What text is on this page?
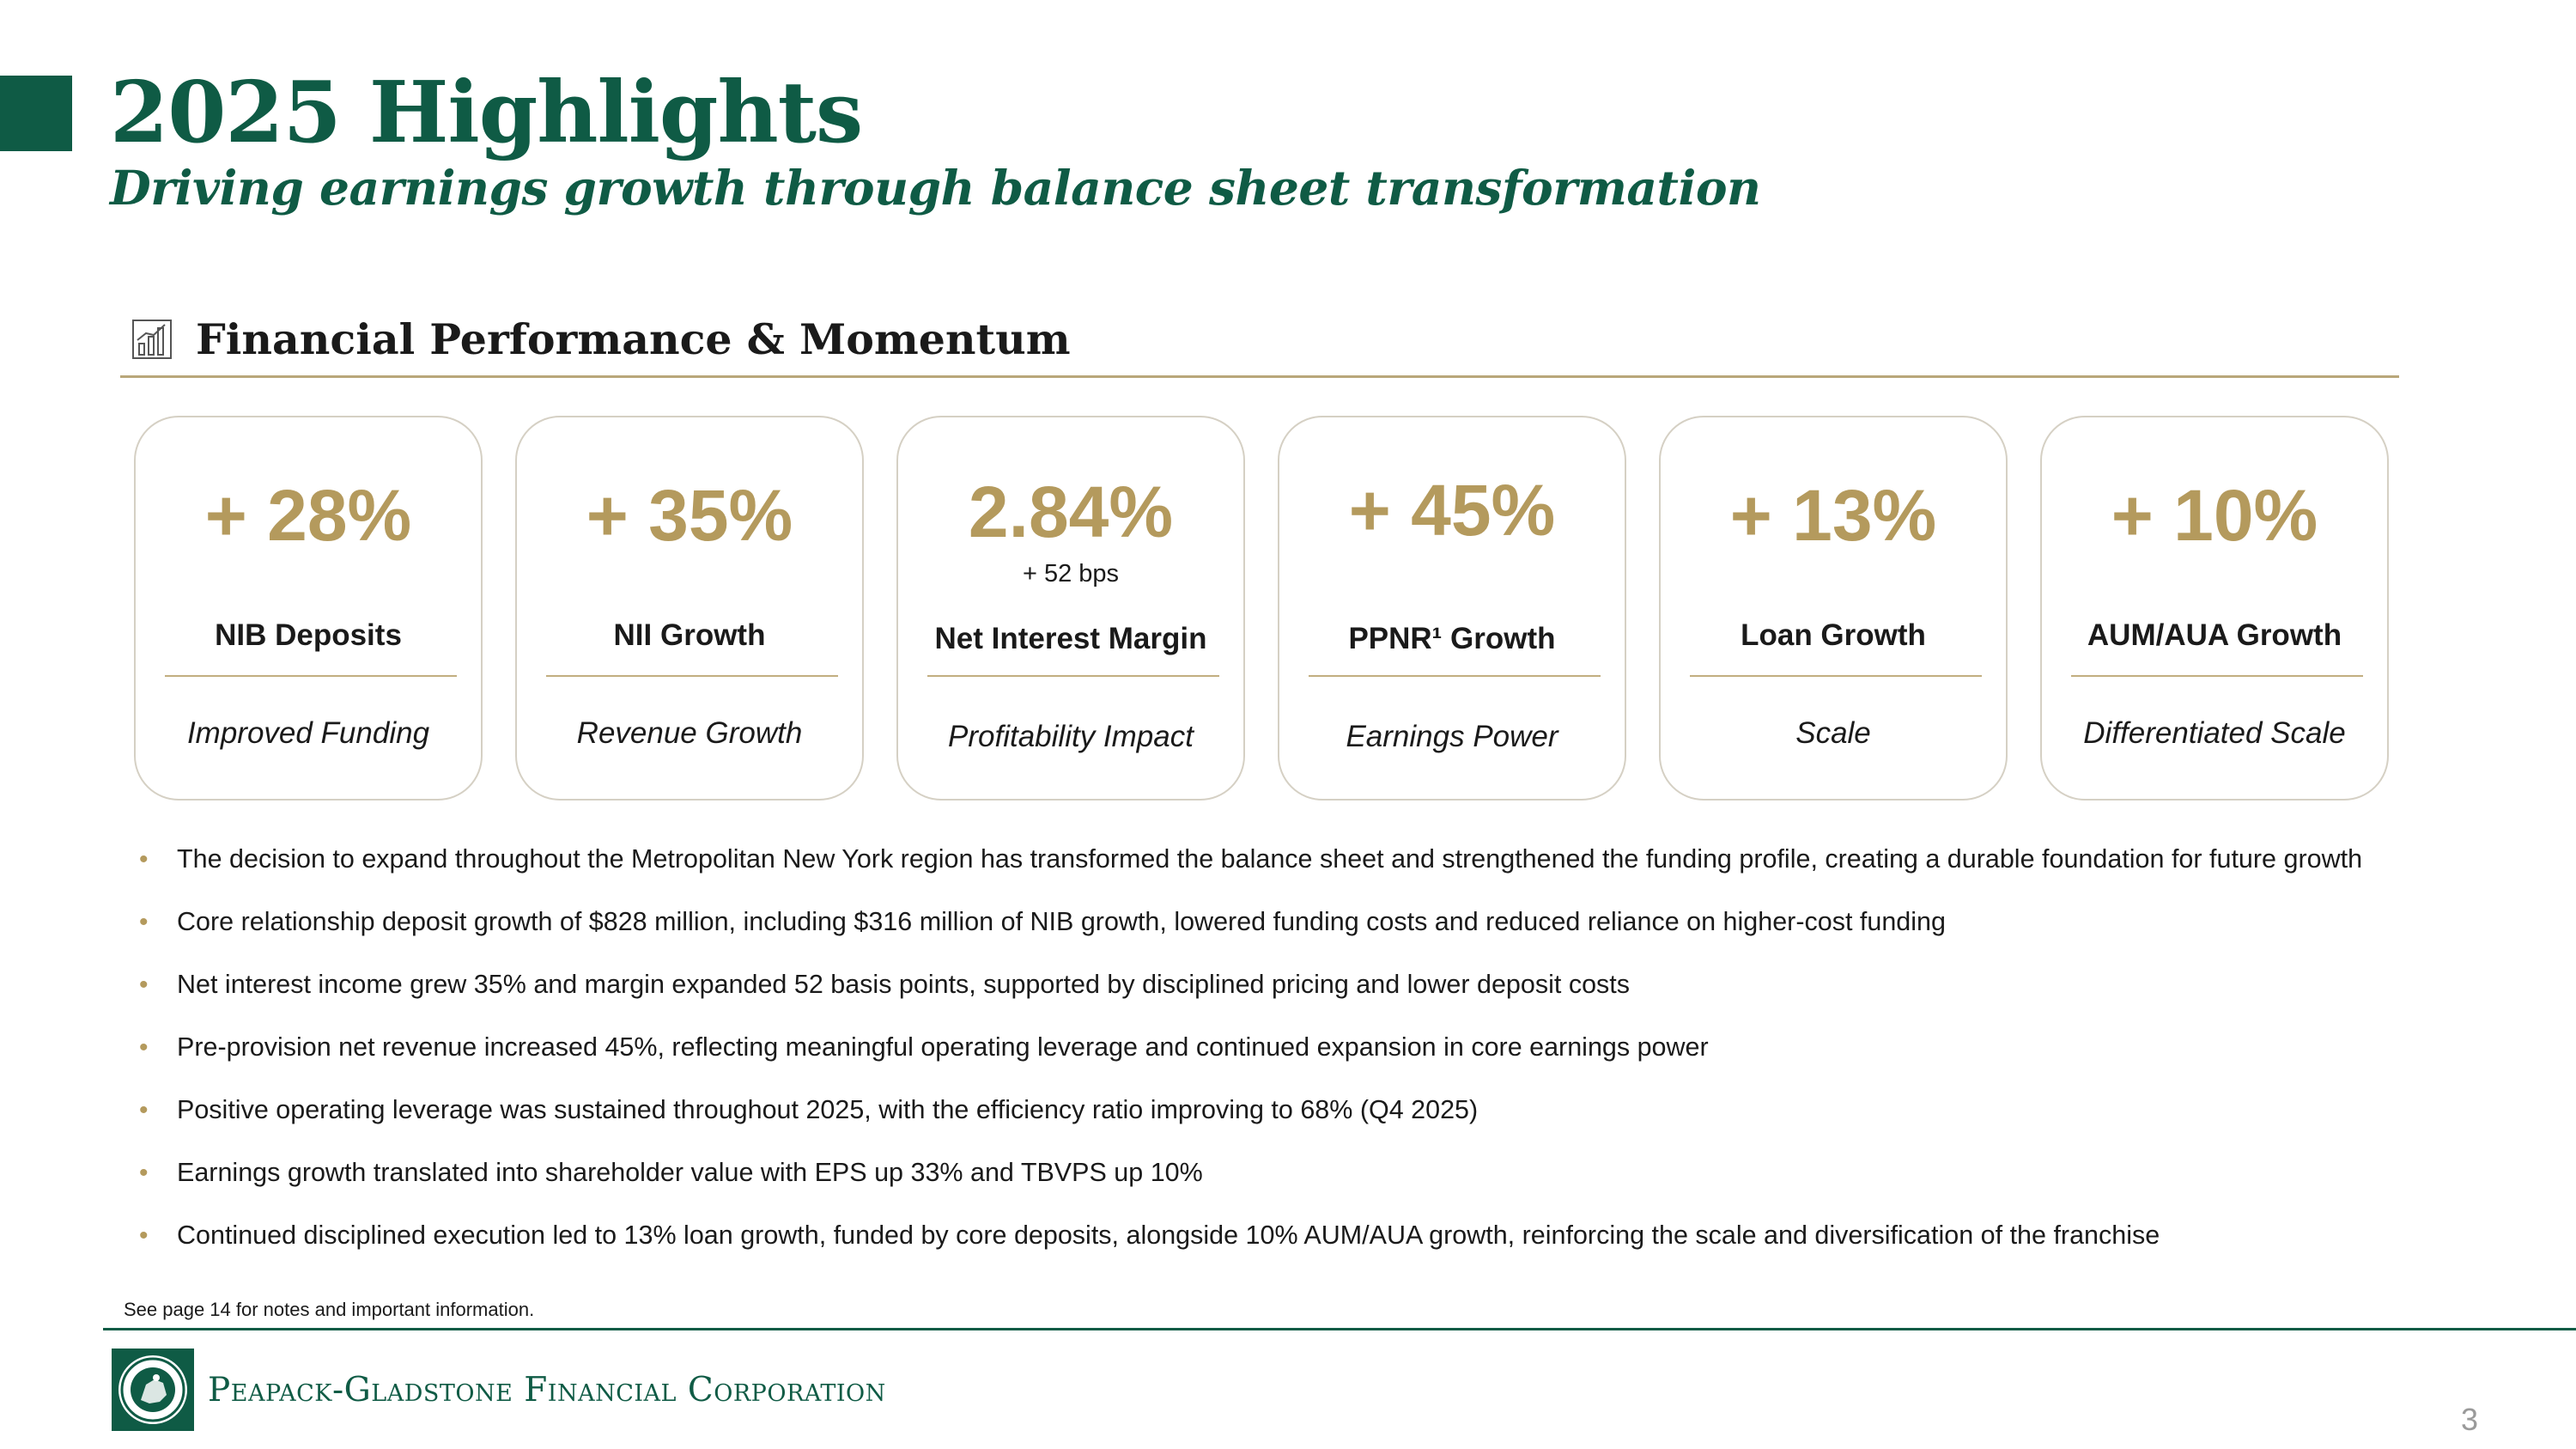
2025 Highlights
Driving earnings growth through balance sheet transformation
Financial Performance & Momentum
+ 28%
NIB Deposits
Improved Funding
+ 35%
NII Growth
Revenue Growth
2.84%
+ 52 bps
Net Interest Margin
Profitability Impact
+ 45%
PPNR¹ Growth
Earnings Power
+ 13%
Loan Growth
Scale
+ 10%
AUM/AUA Growth
Differentiated Scale
• The decision to expand throughout the Metropolitan New York region has transformed the balance sheet and strengthened the funding profile, creating a durable foundation for future growth
• Core relationship deposit growth of $828 million, including $316 million of NIB growth, lowered funding costs and reduced reliance on higher-cost funding
• Net interest income grew 35% and margin expanded 52 basis points, supported by disciplined pricing and lower deposit costs
• Pre-provision net revenue increased 45%, reflecting meaningful operating leverage and continued expansion in core earnings power
• Positive operating leverage was sustained throughout 2025, with the efficiency ratio improving to 68% (Q4 2025)
• Earnings growth translated into shareholder value with EPS up 33% and TBVPS up 10%
• Continued disciplined execution led to 13% loan growth, funded by core deposits, alongside 10% AUM/AUA growth, reinforcing the scale and diversification of the franchise
See page 14 for notes and important information.
Peapack-Gladstone Financial Corporation
3
